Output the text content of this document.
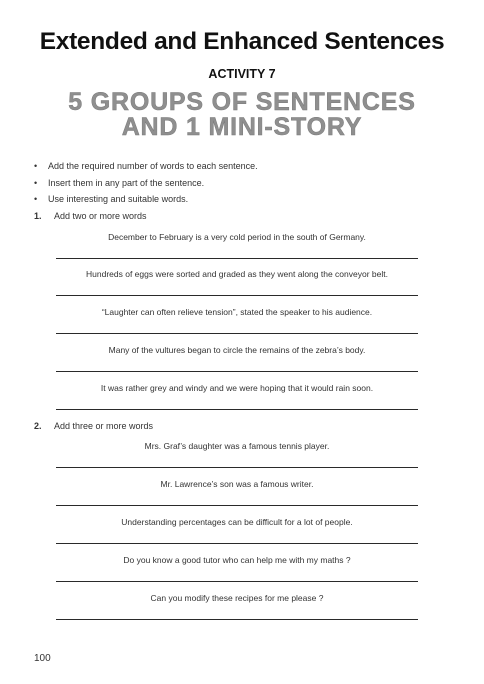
Extended and Enhanced Sentences
ACTIVITY 7
5 GROUPS OF SENTENCES
AND 1 MINI-STORY
• Add the required number of words to each sentence.
• Insert them in any part of the sentence.
• Use interesting and suitable words.
1. Add two or more words
December to February is a very cold period in the south of Germany.
Hundreds of eggs were sorted and graded as they went along the conveyor belt.
“Laughter can often relieve tension”, stated the speaker to his audience.
Many of the vultures began to circle the remains of the zebra’s body.
It was rather grey and windy and we were hoping that it would rain soon.
2. Add three or more words
Mrs. Graf’s daughter was a famous tennis player.
Mr. Lawrence’s son was a famous writer.
Understanding percentages can be difficult for a lot of people.
Do you know a good tutor who can help me with my maths ?
Can you modify these recipes for me please ?
100
